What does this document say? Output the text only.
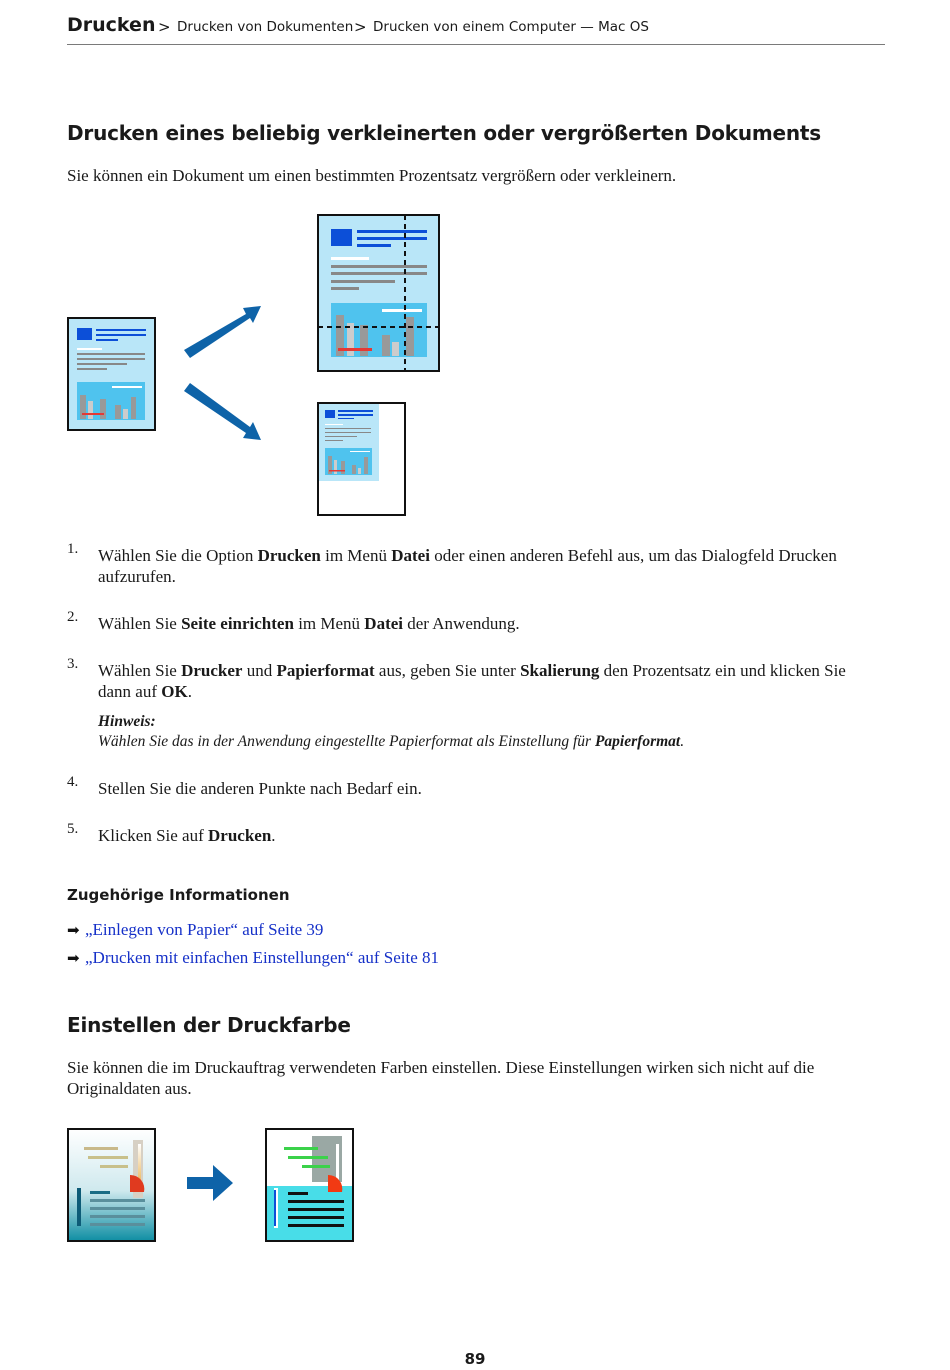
Drucken > Drucken von Dokumenten > Drucken von einem Computer — Mac OS
Drucken eines beliebig verkleinerten oder vergrößerten Dokuments
Sie können ein Dokument um einen bestimmten Prozentsatz vergrößern oder verkleinern.
1. Wählen Sie die Option Drucken im Menü Datei oder einen anderen Befehl aus, um das Dialogfeld Drucken aufzurufen.
2. Wählen Sie Seite einrichten im Menü Datei der Anwendung.
3. Wählen Sie Drucker und Papierformat aus, geben Sie unter Skalierung den Prozentsatz ein und klicken Sie dann auf OK.
Hinweis:
Wählen Sie das in der Anwendung eingestellte Papierformat als Einstellung für Papierformat.
4. Stellen Sie die anderen Punkte nach Bedarf ein.
5. Klicken Sie auf Drucken.
Zugehörige Informationen
➡ „Einlegen von Papier“ auf Seite 39
➡ „Drucken mit einfachen Einstellungen“ auf Seite 81
Einstellen der Druckfarbe
Sie können die im Druckauftrag verwendeten Farben einstellen. Diese Einstellungen wirken sich nicht auf die Originaldaten aus.
89
